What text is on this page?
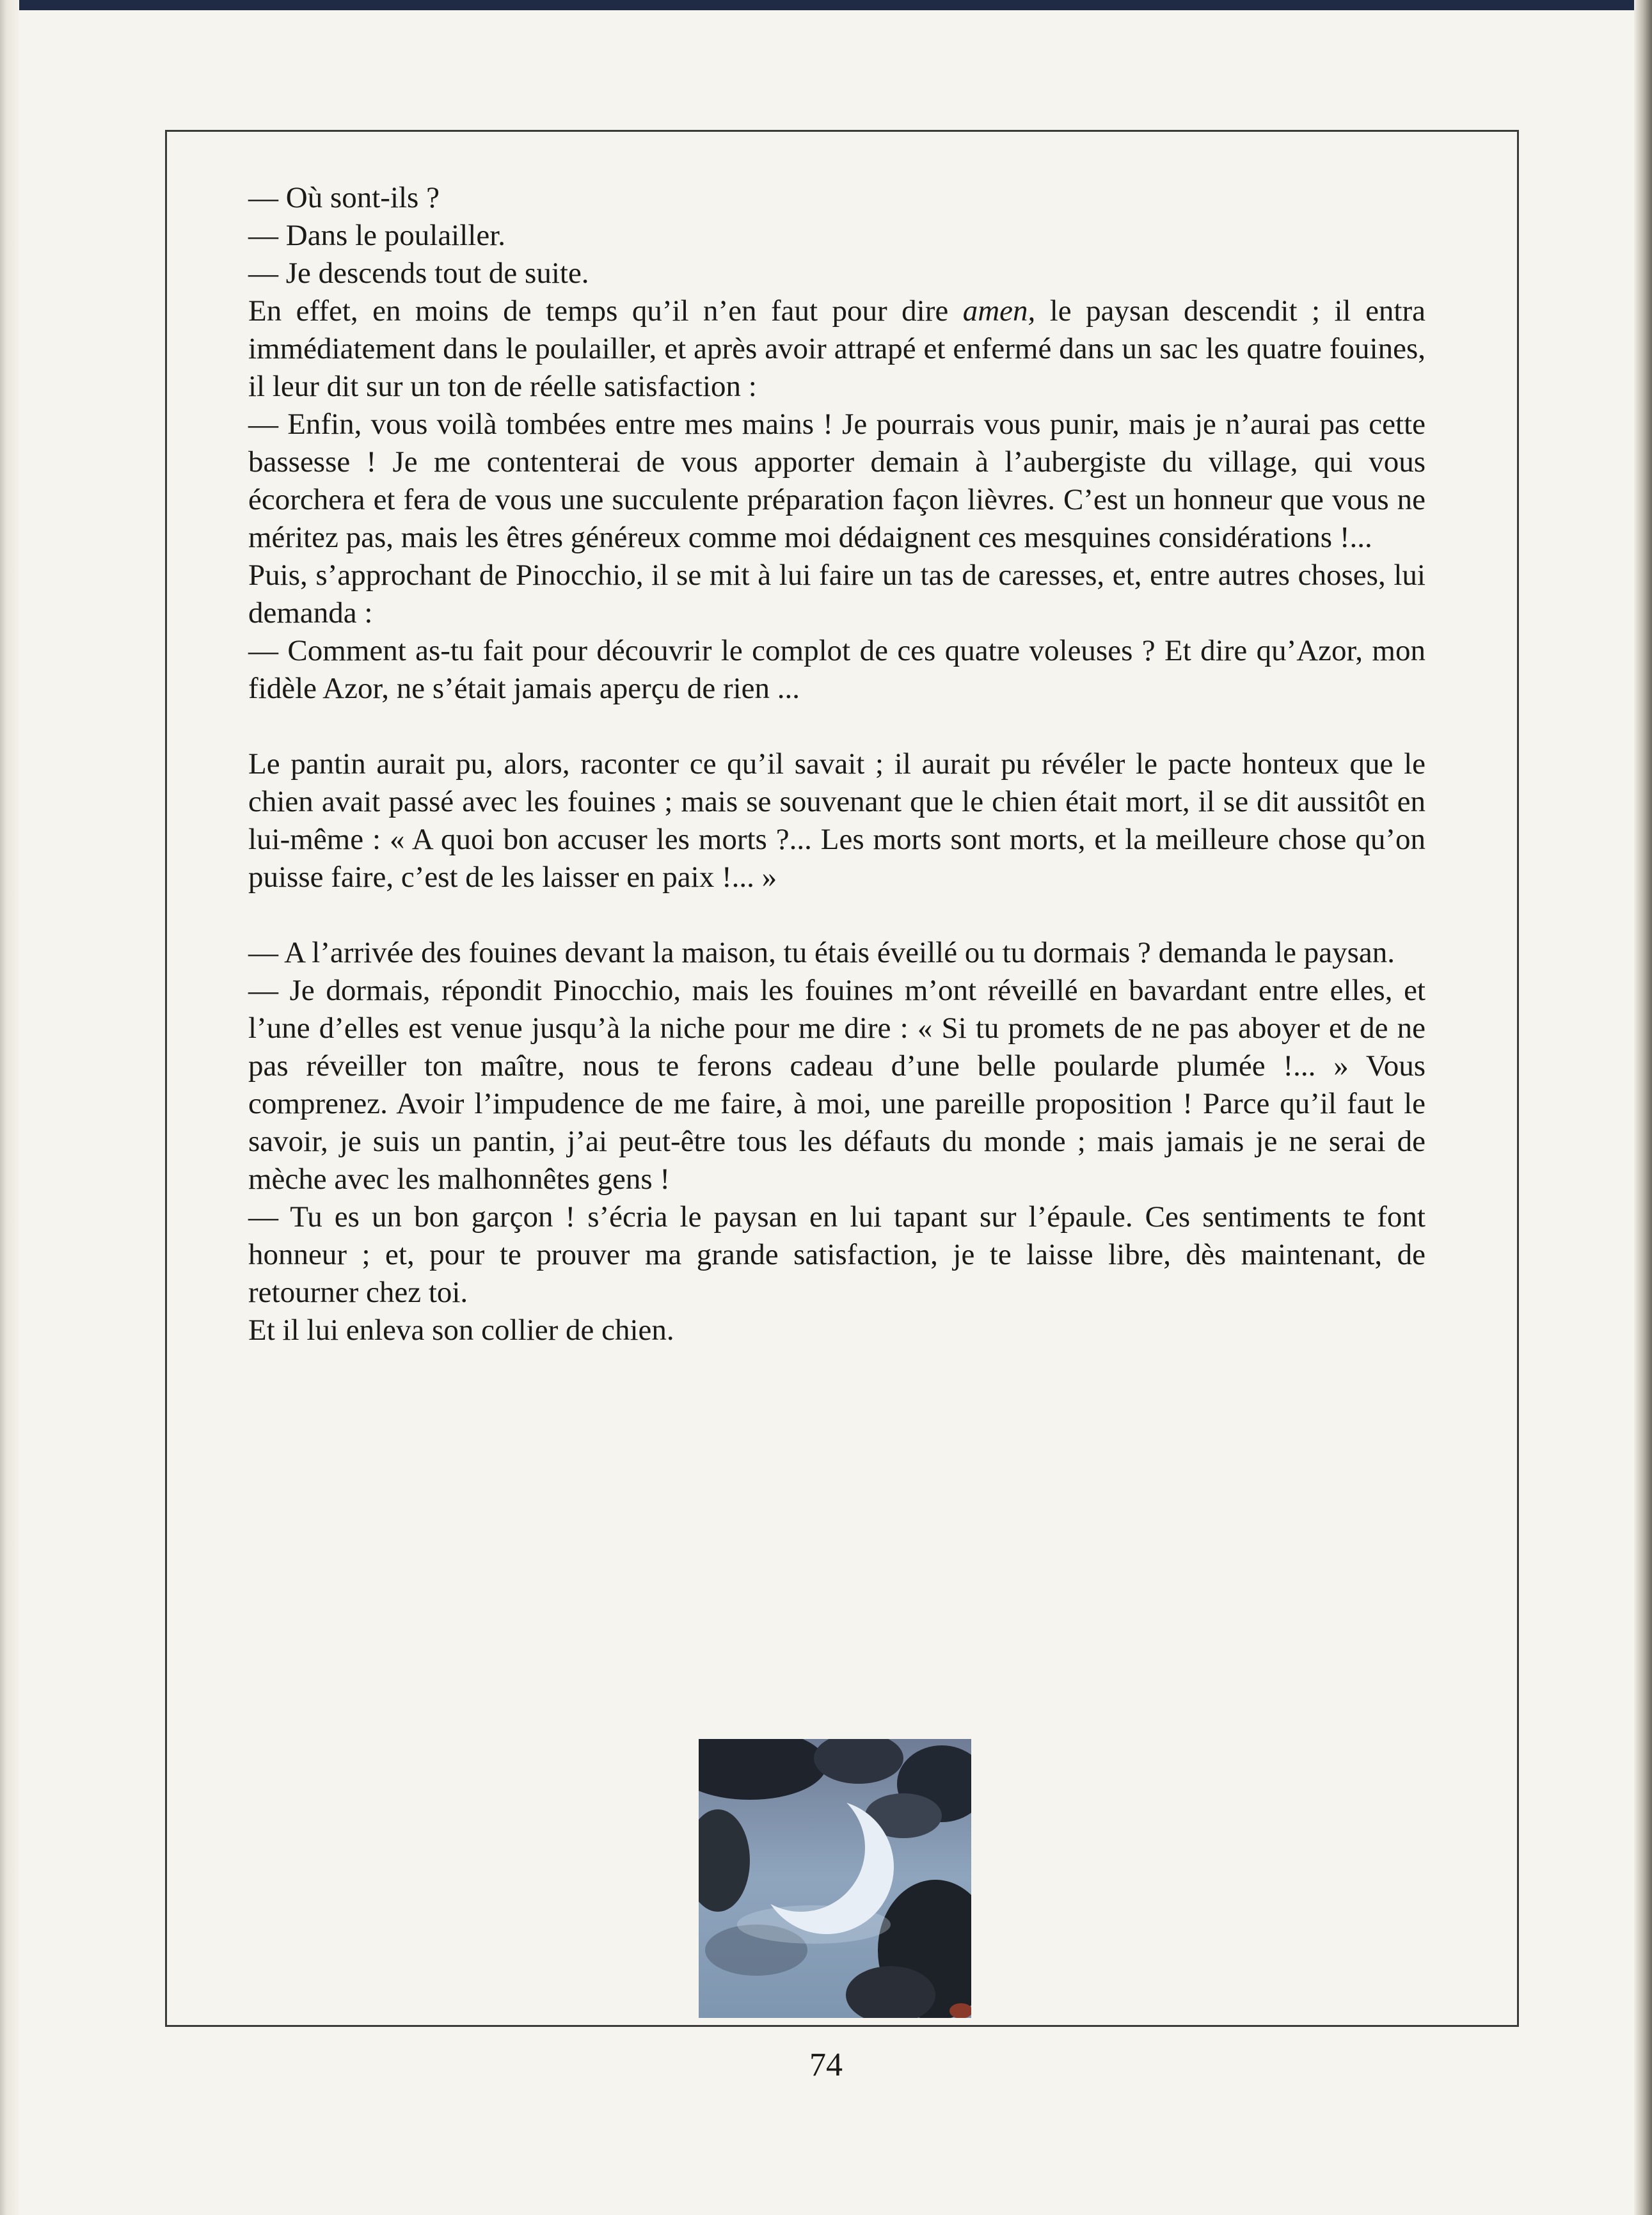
— Où sont-ils ?

— Dans le poulailler.

— Je descends tout de suite.

En effet, en moins de temps qu’il n’en faut pour dire amen, le paysan descendit ; il entra immédiatement dans le poulailler, et après avoir attrapé et enfermé dans un sac les quatre fouines, il leur dit sur un ton de réelle satisfaction :

— Enfin, vous voilà tombées entre mes mains ! Je pourrais vous punir, mais je n’aurai pas cette bassesse ! Je me contenterai de vous apporter demain à l’aubergiste du village, qui vous écorchera et fera de vous une succulente préparation façon lièvres. C’est un honneur que vous ne méritez pas, mais les êtres généreux comme moi dédaignent ces mesquines considérations !...

Puis, s’approchant de Pinocchio, il se mit à lui faire un tas de caresses, et, entre autres choses, lui demanda :

— Comment as-tu fait pour découvrir le complot de ces quatre voleuses ? Et dire qu’Azor, mon fidèle Azor, ne s’était jamais aperçu de rien ...

Le pantin aurait pu, alors, raconter ce qu’il savait ; il aurait pu révéler le pacte honteux que le chien avait passé avec les fouines ; mais se souvenant que le chien était mort, il se dit aussitôt en lui-même : « A quoi bon accuser les morts ?... Les morts sont morts, et la meilleure chose qu’on puisse faire, c’est de les laisser en paix !... »

— A l’arrivée des fouines devant la maison, tu étais éveillé ou tu dormais ? demanda le paysan.

— Je dormais, répondit Pinocchio, mais les fouines m’ont réveillé en bavardant entre elles, et l’une d’elles est venue jusqu’à la niche pour me dire : « Si tu promets de ne pas aboyer et de ne pas réveiller ton maître, nous te ferons cadeau d’une belle poularde plumée !... » Vous comprenez. Avoir l’impudence de me faire, à moi, une pareille proposition ! Parce qu’il faut le savoir, je suis un pantin, j’ai peut-être tous les défauts du monde ; mais jamais je ne serai de mèche avec les malhonnêtes gens !

— Tu es un bon garçon ! s’écria le paysan en lui tapant sur l’épaule. Ces sentiments te font honneur ; et, pour te prouver ma grande satisfaction, je te laisse libre, dès maintenant, de retourner chez toi.

Et il lui enleva son collier de chien.

74
